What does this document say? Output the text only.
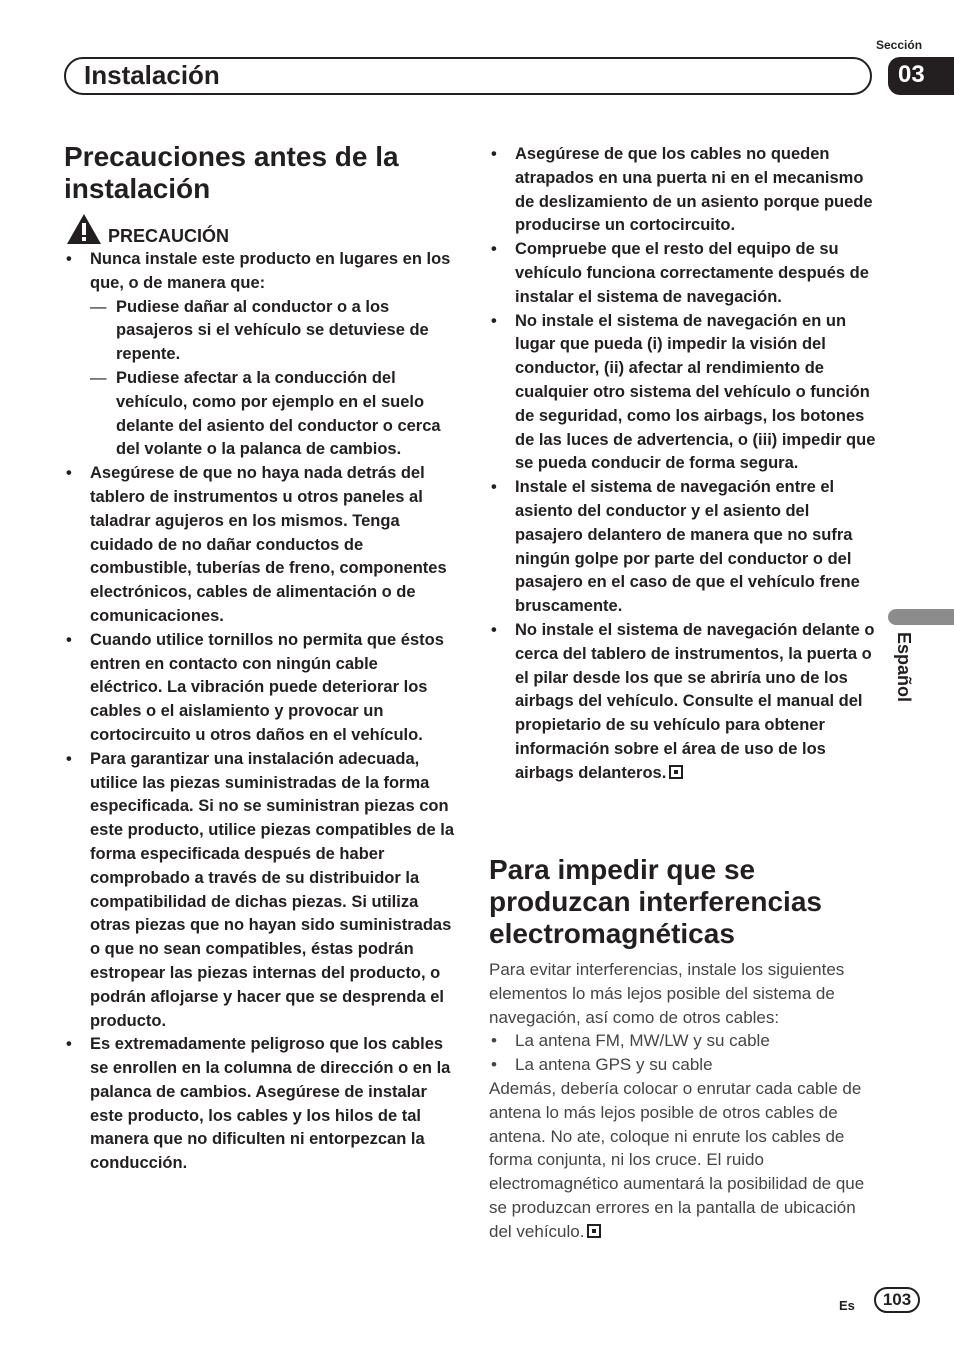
Sección
Instalación	03
Español
Precauciones antes de la instalación
PRECAUCIÓN
• Nunca instale este producto en lugares en los que, o de manera que:
— Pudiese dañar al conductor o a los pasajeros si el vehículo se detuviese de repente.
— Pudiese afectar a la conducción del vehículo, como por ejemplo en el suelo delante del asiento del conductor o cerca del volante o la palanca de cambios.
• Asegúrese de que no haya nada detrás del tablero de instrumentos u otros paneles al taladrar agujeros en los mismos. Tenga cuidado de no dañar conductos de combustible, tuberías de freno, componentes electrónicos, cables de alimentación o de comunicaciones.
• Cuando utilice tornillos no permita que éstos entren en contacto con ningún cable eléctrico. La vibración puede deteriorar los cables o el aislamiento y provocar un cortocircuito u otros daños en el vehículo.
• Para garantizar una instalación adecuada, utilice las piezas suministradas de la forma especificada. Si no se suministran piezas con este producto, utilice piezas compatibles de la forma especificada después de haber comprobado a través de su distribuidor la compatibilidad de dichas piezas. Si utiliza otras piezas que no hayan sido suministradas o que no sean compatibles, éstas podrán estropear las piezas internas del producto, o podrán aflojarse y hacer que se desprenda el producto.
• Es extremadamente peligroso que los cables se enrollen en la columna de dirección o en la palanca de cambios. Asegúrese de instalar este producto, los cables y los hilos de tal manera que no dificulten ni entorpezcan la conducción.
• Asegúrese de que los cables no queden atrapados en una puerta ni en el mecanismo de deslizamiento de un asiento porque puede producirse un cortocircuito.
• Compruebe que el resto del equipo de su vehículo funciona correctamente después de instalar el sistema de navegación.
• No instale el sistema de navegación en un lugar que pueda (i) impedir la visión del conductor, (ii) afectar al rendimiento de cualquier otro sistema del vehículo o función de seguridad, como los airbags, los botones de las luces de advertencia, o (iii) impedir que se pueda conducir de forma segura.
• Instale el sistema de navegación entre el asiento del conductor y el asiento del pasajero delantero de manera que no sufra ningún golpe por parte del conductor o del pasajero en el caso de que el vehículo frene bruscamente.
• No instale el sistema de navegación delante o cerca del tablero de instrumentos, la puerta o el pilar desde los que se abriría uno de los airbags del vehículo. Consulte el manual del propietario de su vehículo para obtener información sobre el área de uso de los airbags delanteros.
Para impedir que se produzcan interferencias electromagnéticas

Para evitar interferencias, instale los siguientes elementos lo más lejos posible del sistema de navegación, así como de otros cables:

• La antena FM, MW/LW y su cable
• La antena GPS y su cable

Además, debería colocar o enrutar cada cable de antena lo más lejos posible de otros cables de antena. No ate, coloque ni enrute los cables de forma conjunta, ni los cruce. El ruido electromagnético aumentará la posibilidad de que se produzcan errores en la pantalla de ubicación del vehículo.

Es	103
